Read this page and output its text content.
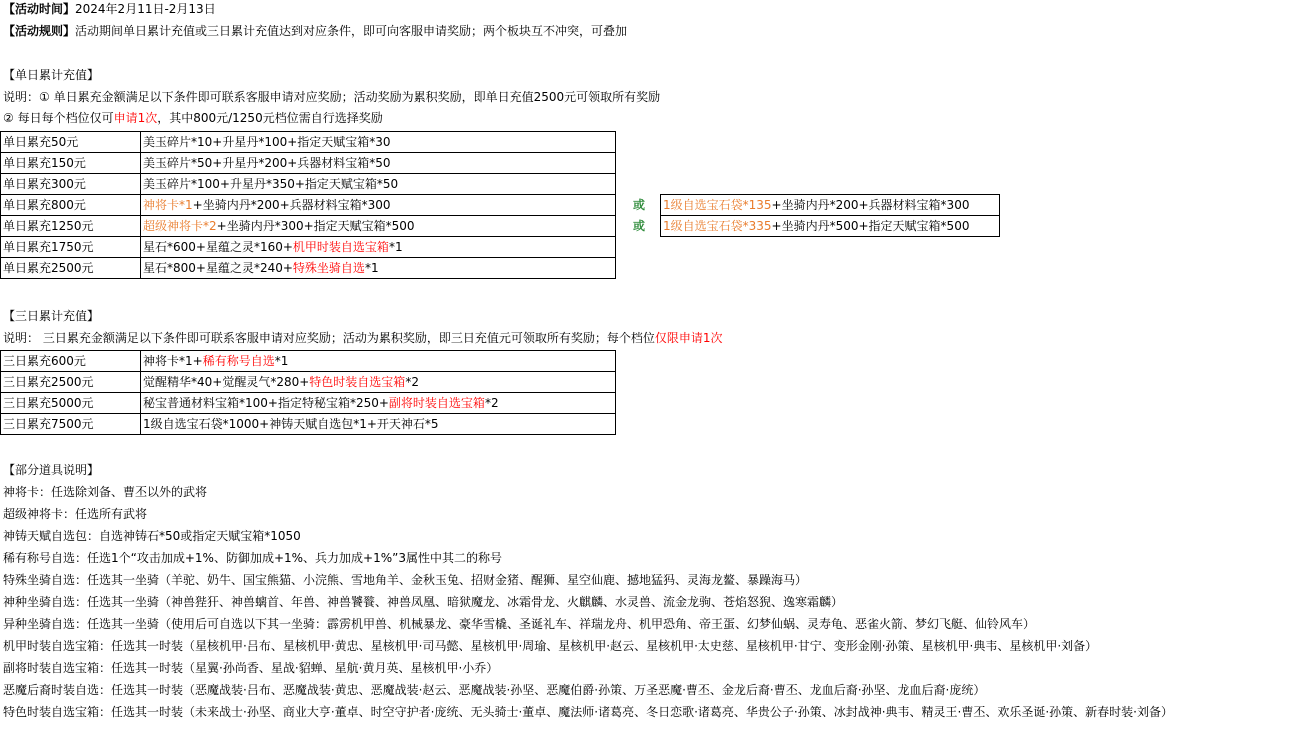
【活动时间】2024年2月11日-2月13日
【活动规则】活动期间单日累计充值或三日累计充值达到对应条件，即可向客服申请奖励；两个板块互不冲突，可叠加
【单日累计充值】
说明：① 单日累充金额满足以下条件即可联系客服申请对应奖励；活动奖励为累积奖励，即单日充值2500元可领取所有奖励
② 每日每个档位仅可申请1次，其中800元/1250元档位需自行选择奖励
单日累充50元	美玉碎片*10+升星丹*100+指定天赋宝箱*30		
单日累充150元	美玉碎片*50+升星丹*200+兵器材料宝箱*50		
单日累充300元	美玉碎片*100+升星丹*350+指定天赋宝箱*50		
单日累充800元	神将卡*1+坐骑内丹*200+兵器材料宝箱*300	或	1级自选宝石袋*135+坐骑内丹*200+兵器材料宝箱*300
单日累充1250元	超级神将卡*2+坐骑内丹*300+指定天赋宝箱*500	或	1级自选宝石袋*335+坐骑内丹*500+指定天赋宝箱*500
单日累充1750元	星石*600+星蕴之灵*160+机甲时装自选宝箱*1		
单日累充2500元	星石*800+星蕴之灵*240+特殊坐骑自选*1		
【三日累计充值】
说明： 三日累充金额满足以下条件即可联系客服申请对应奖励；活动为累积奖励，即三日充值元可领取所有奖励；每个档位仅限申请1次
三日累充600元	神将卡*1+稀有称号自选*1
三日累充2500元	觉醒精华*40+觉醒灵气*280+特色时装自选宝箱*2
三日累充5000元	秘宝普通材料宝箱*100+指定特秘宝箱*250+副将时装自选宝箱*2
三日累充7500元	1级自选宝石袋*1000+神铸天赋自选包*1+开天神石*5
【部分道具说明】
神将卡：任选除刘备、曹丕以外的武将
超级神将卡：任选所有武将
神铸天赋自选包：自选神铸石*50或指定天赋宝箱*1050
稀有称号自选：任选1个“攻击加成+1%、防御加成+1%、兵力加成+1%”3属性中其二的称号
特殊坐骑自选：任选其一坐骑（羊驼、奶牛、国宝熊猫、小浣熊、雪地角羊、金秋玉兔、招财金猪、醒狮、星空仙鹿、撼地猛犸、灵海龙鳌、暴躁海马）
神种坐骑自选：任选其一坐骑（神兽狴犴、神兽螭首、年兽、神兽饕餮、神兽凤凰、暗狱魔龙、冰霜骨龙、火麒麟、水灵兽、流金龙驹、苍焰怒猊、逸寒霜麟）
异种坐骑自选：任选其一坐骑（使用后可自选以下其一坐骑：霹雳机甲兽、机械暴龙、豪华雪橇、圣诞礼车、祥瑞龙舟、机甲恐角、帝王蛋、幻梦仙蜗、灵寿龟、恶雀火箭、梦幻飞艇、仙铃风车）
机甲时装自选宝箱：任选其一时装（星核机甲·吕布、星核机甲·黄忠、星核机甲·司马懿、星核机甲·周瑜、星核机甲·赵云、星核机甲·太史慈、星核机甲·甘宁、变形金刚·孙策、星核机甲·典韦、星核机甲·刘备）
副将时装自选宝箱：任选其一时装（星翼·孙尚香、星战·貂蝉、星航·黄月英、星核机甲·小乔）
恶魔后裔时装自选：任选其一时装（恶魔战装·吕布、恶魔战装·黄忠、恶魔战装·赵云、恶魔战装·孙坚、恶魔伯爵·孙策、万圣恶魔·曹丕、金龙后裔·曹丕、龙血后裔·孙坚、龙血后裔·庞统）
特色时装自选宝箱：任选其一时装（未来战士·孙坚、商业大亨·董卓、时空守护者·庞统、无头骑士·董卓、魔法师·诸葛亮、冬日恋歌·诸葛亮、华贵公子·孙策、冰封战神·典韦、精灵王·曹丕、欢乐圣诞·孙策、新春时装·刘备）
